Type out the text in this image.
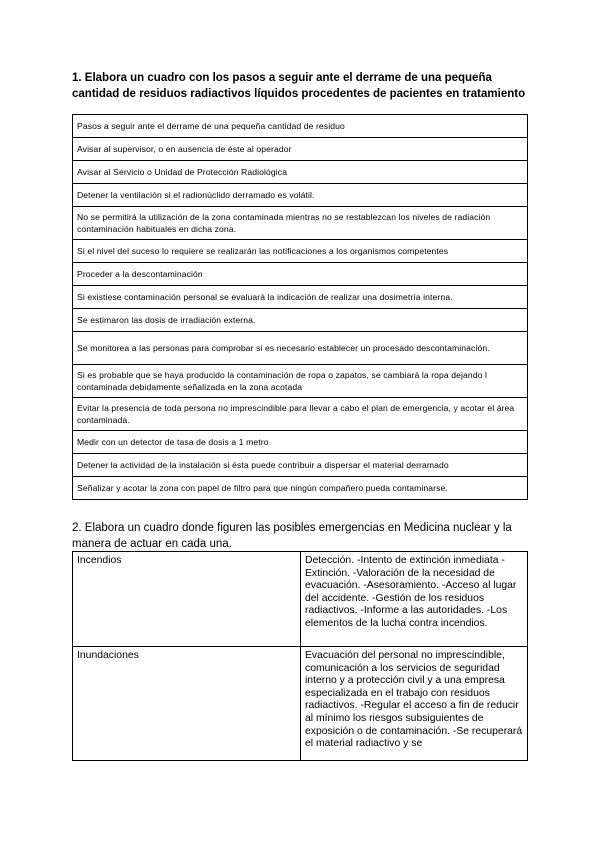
1. Elabora un cuadro con los pasos a seguir ante el derrame de una pequeña cantidad de residuos radiactivos líquidos procedentes de pacientes en tratamiento
Pasos a seguir ante el derrame de una pequeña cantidad de residuo
Avisar al supervisor, o en ausencia de éste al operador
Avisar al Servicio o Unidad de Protección Radiológica
Detener la ventilación si el radionúclido derramado es volátil.
No se permitirá la utilización de la zona contaminada mientras no se restablezcan los niveles de radiación contaminación habituales en dicha zona.
Si el nivel del suceso lo requiere se realizarán las notificaciones a los organismos competentes
Proceder a la descontaminación
Si existiese contaminación personal se evaluará la indicación de realizar una dosimetría interna.
Se estimaron las dosis de irradiación externa.
Se monitorea a las personas para comprobar si es necesario establecer un procesado descontaminación.
Si es probable que se haya producido la contaminación de ropa o zapatos, se cambiará la ropa dejando l contaminada debidamente señalizada en la zona acotada
Evitar la presencia de toda persona no imprescindible para llevar a cabo el plan de emergencia, y acotar el área contaminada.
Medir con un detector de tasa de dosis a 1 metro
Detener la actividad de la instalación si ésta puede contribuir a dispersar el material derramado
Señalizar y acotar la zona con papel de filtro para que ningún compañero pueda contaminarse.
2. Elabora un cuadro donde figuren las posibles emergencias en Medicina nuclear y la manera de actuar en cada una.
Incendios	Detección. -Intento de extinción inmediata -Extinción. -Valoración de la necesidad de evacuación. -Asesoramiento. -Acceso al lugar del accidente. -Gestión de los residuos radiactivos. -Informe a las autoridades. -Los elementos de la lucha contra incendios.
Inundaciones	Evacuación del personal no imprescindible, comunicación a los servicios de seguridad interno y a protección civil y a una empresa especializada en el trabajo con residuos radiactivos. -Regular el acceso a fin de reducir al mínimo los riesgos subsiguientes de exposición o de contaminación. -Se recuperará el material radiactivo y se
